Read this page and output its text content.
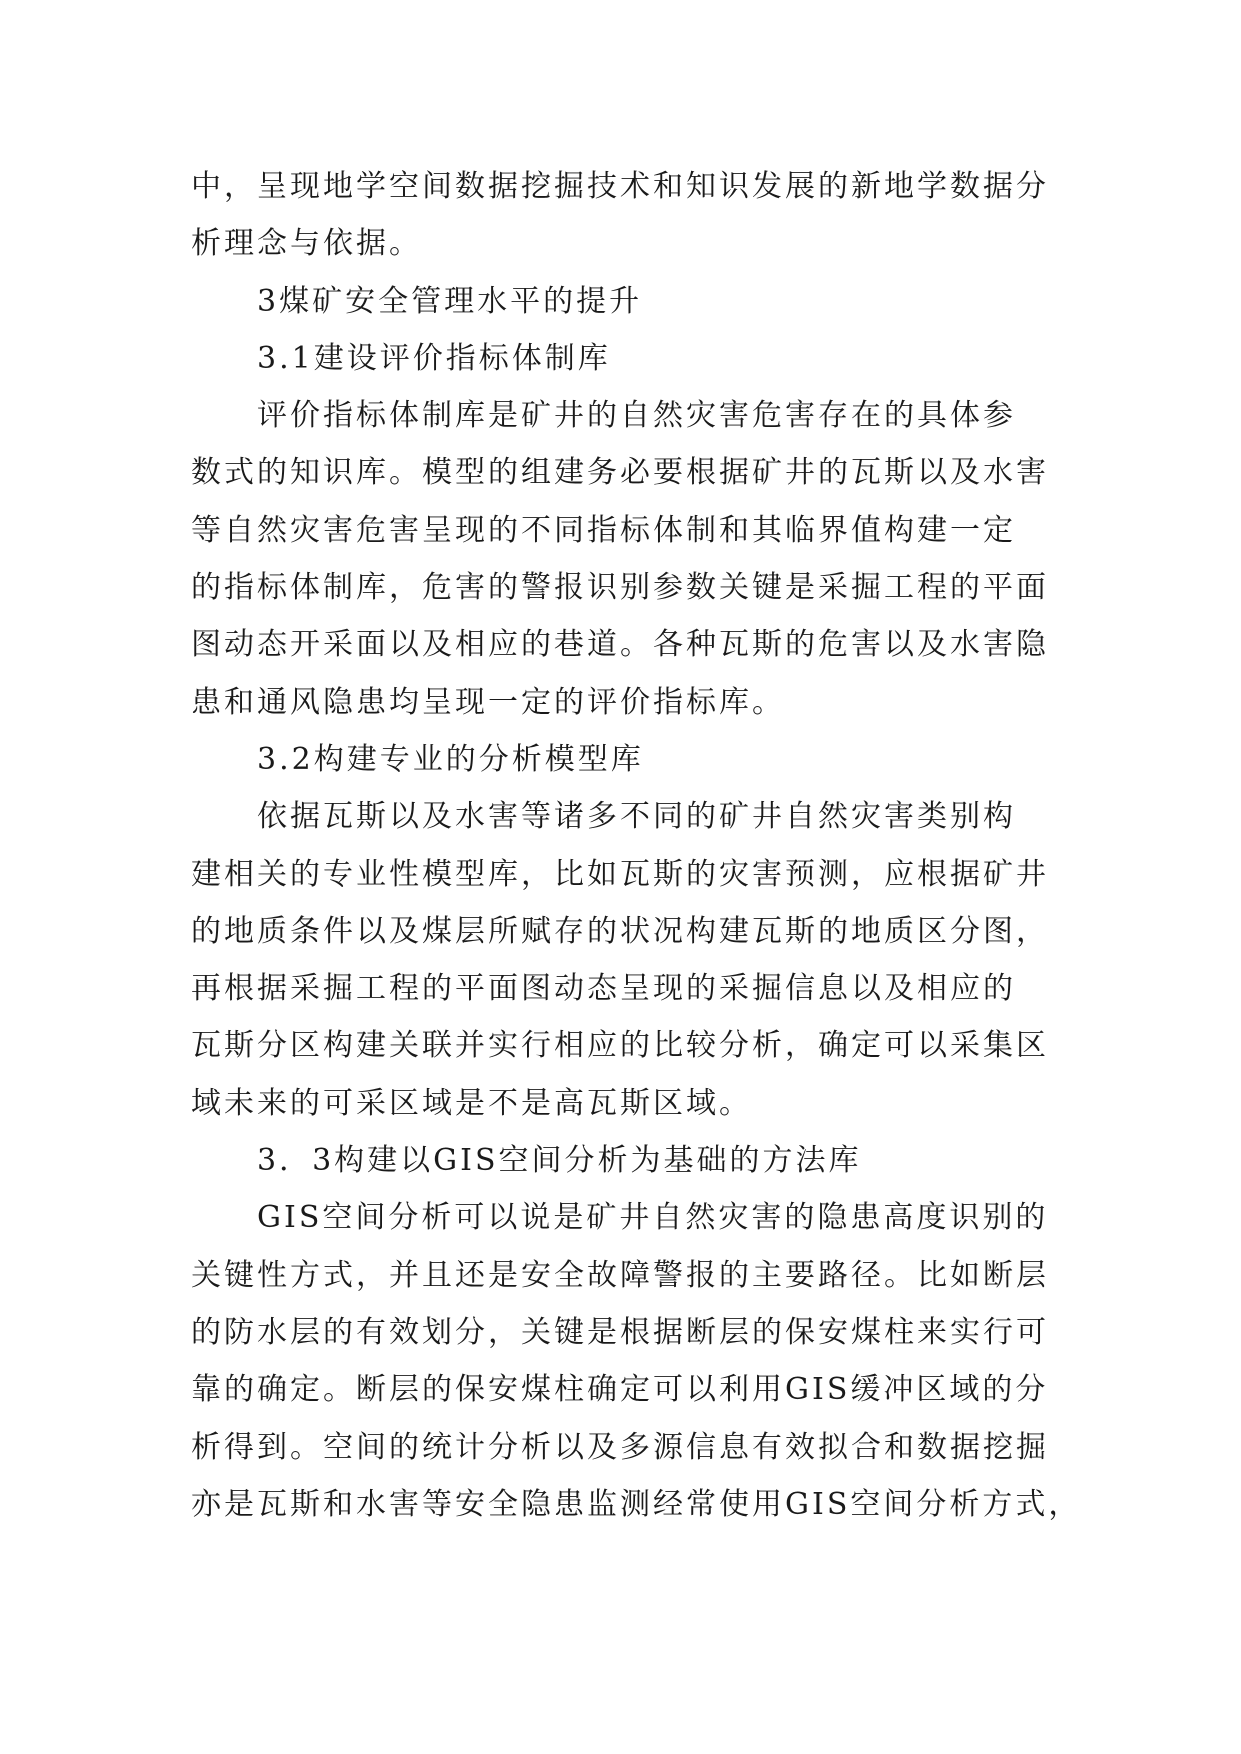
中，呈现地学空间数据挖掘技术和知识发展的新地学数据分
析理念与依据。
3煤矿安全管理水平的提升
3.1建设评价指标体制库
评价指标体制库是矿井的自然灾害危害存在的具体参
数式的知识库。模型的组建务必要根据矿井的瓦斯以及水害
等自然灾害危害呈现的不同指标体制和其临界值构建一定
的指标体制库，危害的警报识别参数关键是采掘工程的平面
图动态开采面以及相应的巷道。各种瓦斯的危害以及水害隐
患和通风隐患均呈现一定的评价指标库。
3.2构建专业的分析模型库
依据瓦斯以及水害等诸多不同的矿井自然灾害类别构
建相关的专业性模型库，比如瓦斯的灾害预测，应根据矿井
的地质条件以及煤层所赋存的状况构建瓦斯的地质区分图，
再根据采掘工程的平面图动态呈现的采掘信息以及相应的
瓦斯分区构建关联并实行相应的比较分析，确定可以采集区
域未来的可采区域是不是高瓦斯区域。
3．3构建以GIS空间分析为基础的方法库
GIS空间分析可以说是矿井自然灾害的隐患高度识别的
关键性方式，并且还是安全故障警报的主要路径。比如断层
的防水层的有效划分，关键是根据断层的保安煤柱来实行可
靠的确定。断层的保安煤柱确定可以利用GIS缓冲区域的分
析得到。空间的统计分析以及多源信息有效拟合和数据挖掘
亦是瓦斯和水害等安全隐患监测经常使用GIS空间分析方式，
